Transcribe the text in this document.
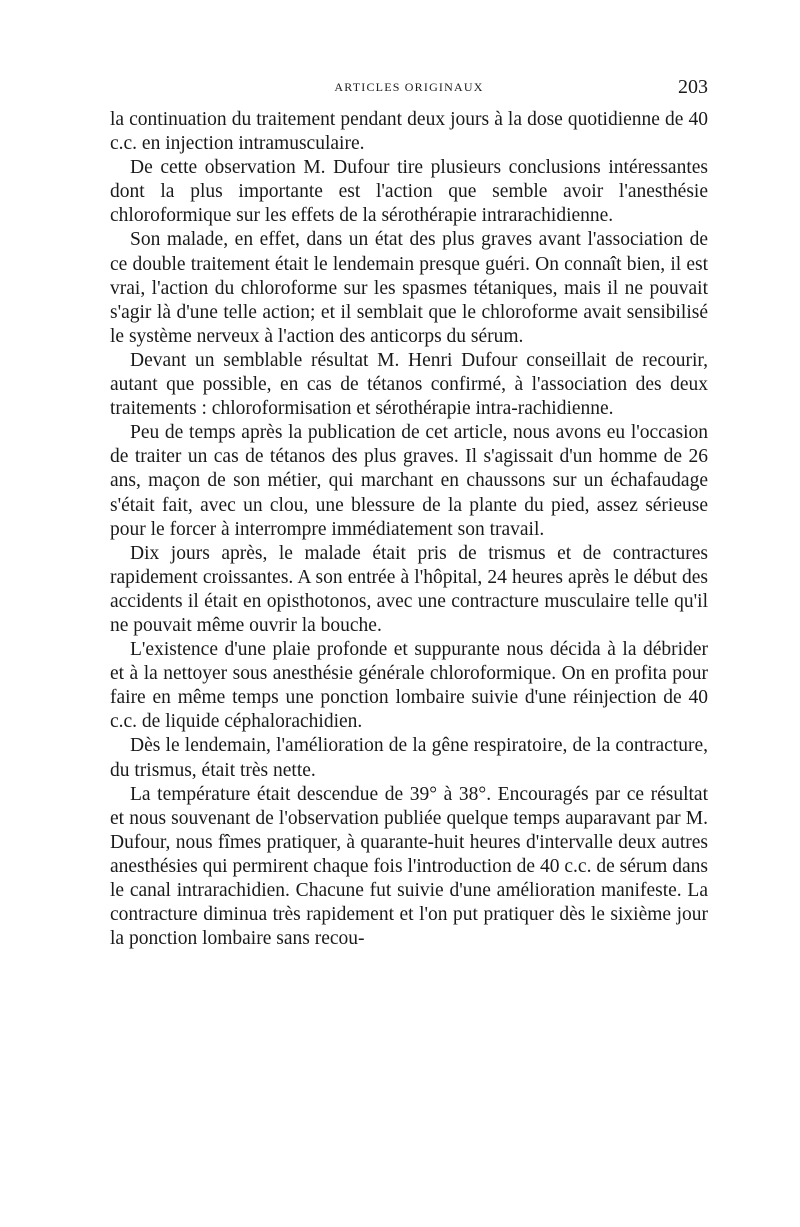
ARTICLES ORIGINAUX	203

la continuation du traitement pendant deux jours à la dose quotidienne de 40 c.c. en injection intramusculaire.

De cette observation M. Dufour tire plusieurs conclusions intéressantes dont la plus importante est l'action que semble avoir l'anesthésie chloroformique sur les effets de la sérothérapie intrarachidienne.

Son malade, en effet, dans un état des plus graves avant l'association de ce double traitement était le lendemain presque guéri. On connaît bien, il est vrai, l'action du chloroforme sur les spasmes tétaniques, mais il ne pouvait s'agir là d'une telle action; et il semblait que le chloroforme avait sensibilisé le système nerveux à l'action des anticorps du sérum.

Devant un semblable résultat M. Henri Dufour conseillait de recourir, autant que possible, en cas de tétanos confirmé, à l'association des deux traitements : chloroformisation et sérothérapie intra-rachidienne.

Peu de temps après la publication de cet article, nous avons eu l'occasion de traiter un cas de tétanos des plus graves. Il s'agissait d'un homme de 26 ans, maçon de son métier, qui marchant en chaussons sur un échafaudage s'était fait, avec un clou, une blessure de la plante du pied, assez sérieuse pour le forcer à interrompre immédiatement son travail.

Dix jours après, le malade était pris de trismus et de contractures rapidement croissantes. A son entrée à l'hôpital, 24 heures après le début des accidents il était en opisthotonos, avec une contracture musculaire telle qu'il ne pouvait même ouvrir la bouche.

L'existence d'une plaie profonde et suppurante nous décida à la débrider et à la nettoyer sous anesthésie générale chloroformique. On en profita pour faire en même temps une ponction lombaire suivie d'une réinjection de 40 c.c. de liquide céphalorachidien.

Dès le lendemain, l'amélioration de la gêne respiratoire, de la contracture, du trismus, était très nette.

La température était descendue de 39° à 38°. Encouragés par ce résultat et nous souvenant de l'observation publiée quelque temps auparavant par M. Dufour, nous fîmes pratiquer, à quarante-huit heures d'intervalle deux autres anesthésies qui permirent chaque fois l'introduction de 40 c.c. de sérum dans le canal intrarachidien. Chacune fut suivie d'une amélioration manifeste. La contracture diminua très rapidement et l'on put pratiquer dès le sixième jour la ponction lombaire sans recou-
